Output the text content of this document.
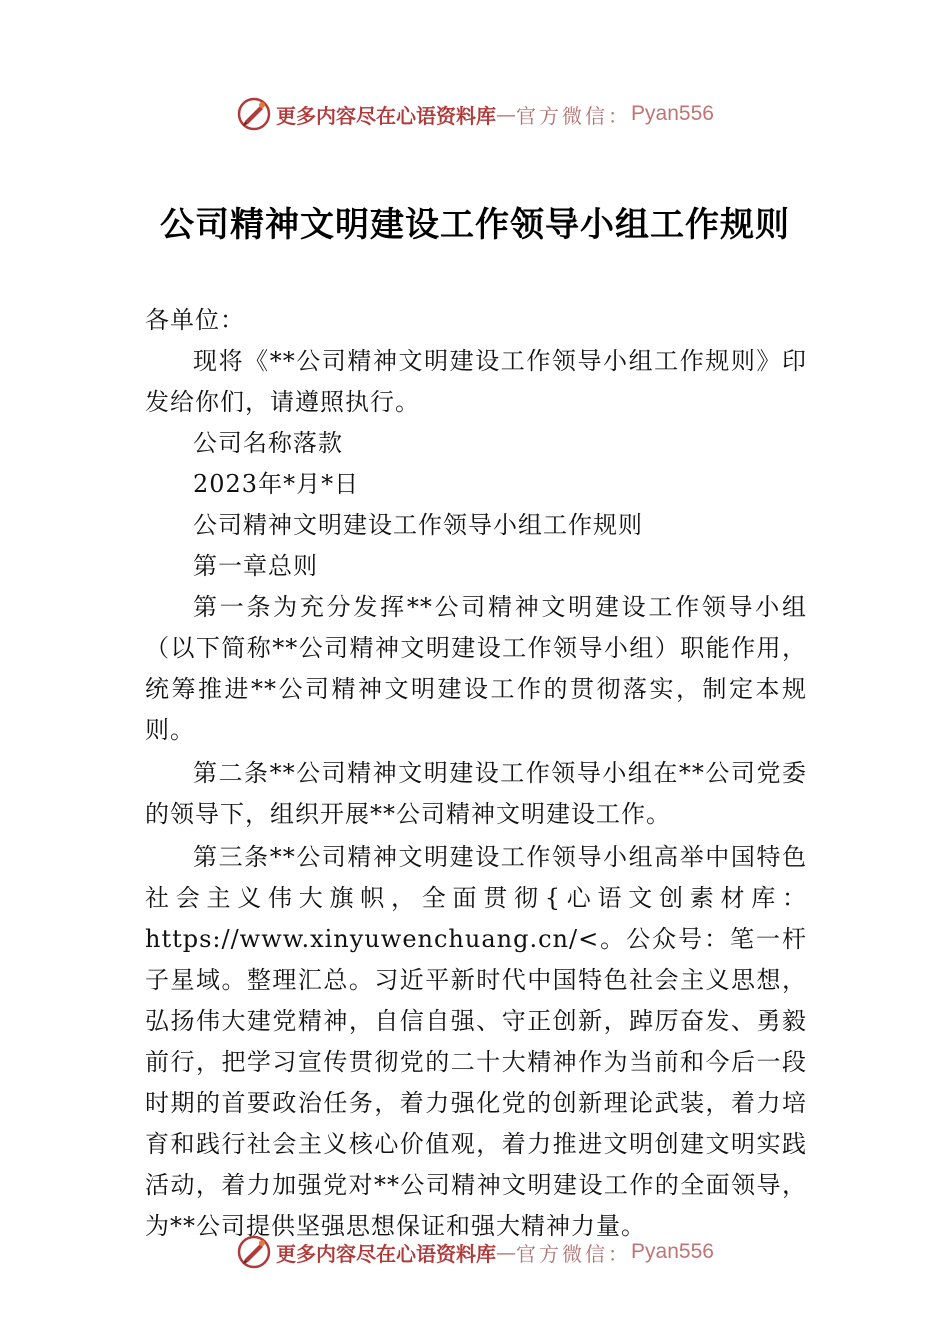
更多内容尽在心语资料库 — 官方微信： Pyan556
公司精神文明建设工作领导小组工作规则

各单位：

现将《**公司精神文明建设工作领导小组工作规则》印发给你们，请遵照执行。

公司名称落款

2023年*月*日

公司精神文明建设工作领导小组工作规则

第一章总则

第一条为充分发挥**公司精神文明建设工作领导小组（以下简称**公司精神文明建设工作领导小组）职能作用，统筹推进**公司精神文明建设工作的贯彻落实，制定本规则。

第二条**公司精神文明建设工作领导小组在**公司党委的领导下，组织开展**公司精神文明建设工作。

第三条**公司精神文明建设工作领导小组高举中国特色社会主义伟大旗帜，全面贯彻{心语文创素材库：https://www.xinyuwenchuang.cn/<。公众号：笔一杆子星域。整理汇总。习近平新时代中国特色社会主义思想，弘扬伟大建党精神，自信自强、守正创新，踔厉奋发、勇毅前行，把学习宣传贯彻党的二十大精神作为当前和今后一段时期的首要政治任务，着力强化党的创新理论武装，着力培育和践行社会主义核心价值观，着力推进文明创建文明实践活动，着力加强党对**公司精神文明建设工作的全面领导，为**公司提供坚强思想保证和强大精神力量。

更多内容尽在心语资料库 — 官方微信： Pyan556
